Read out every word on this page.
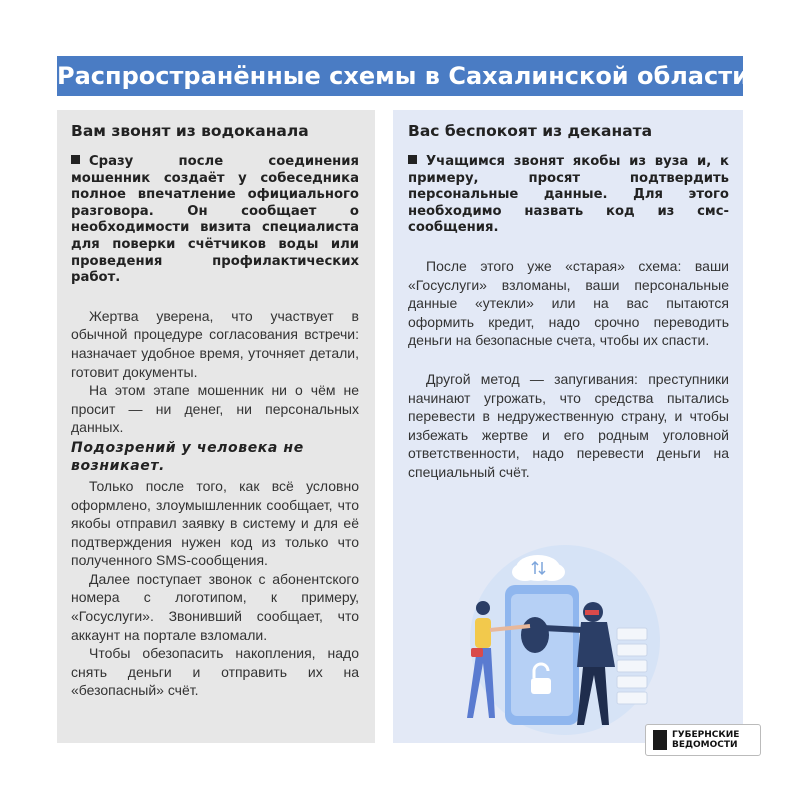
Распространённые схемы в Сахалинской области
Вам звонят из водоканала

Сразу после соединения мошенник создаёт у собеседника полное впечатление официального разговора. Он сообщает о необходимости визита специалиста для поверки счётчиков воды или проведения профилактических работ.

Жертва уверена, что участвует в обычной процедуре согласования встречи: назначает удобное время, уточняет детали, готовит документы.

На этом этапе мошенник ни о чём не просит — ни денег, ни персональных данных.

Подозрений у человека не возникает.

Только после того, как всё условно оформлено, злоумышленник сообщает, что якобы отправил заявку в систему и для её подтверждения нужен код из только что полученного SMS-сообщения.

Далее поступает звонок с абонентского номера с логотипом, к примеру, «Госуслуги». Звонивший сообщает, что аккаунт на портале взломали.

Чтобы обезопасить накопления, надо снять деньги и отправить их на «безопасный» счёт.

Вас беспокоят из деканата

Учащимся звонят якобы из вуза и, к примеру, просят подтвердить персональные данные. Для этого необходимо назвать код из смс-сообщения.

После этого уже «старая» схема: ваши «Госуслуги» взломаны, ваши персональные данные «утекли» или на вас пытаются оформить кредит, надо срочно переводить деньги на безопасные счета, чтобы их спасти.

Другой метод — запугивания: преступники начинают угрожать, что средства пытались перевести в недружественную страну, и чтобы избежать жертве и его родным уголовной ответственности, надо перевести деньги на специальный счёт.

ГУБЕРНСКИЕ
ВЕДОМОСТИ
